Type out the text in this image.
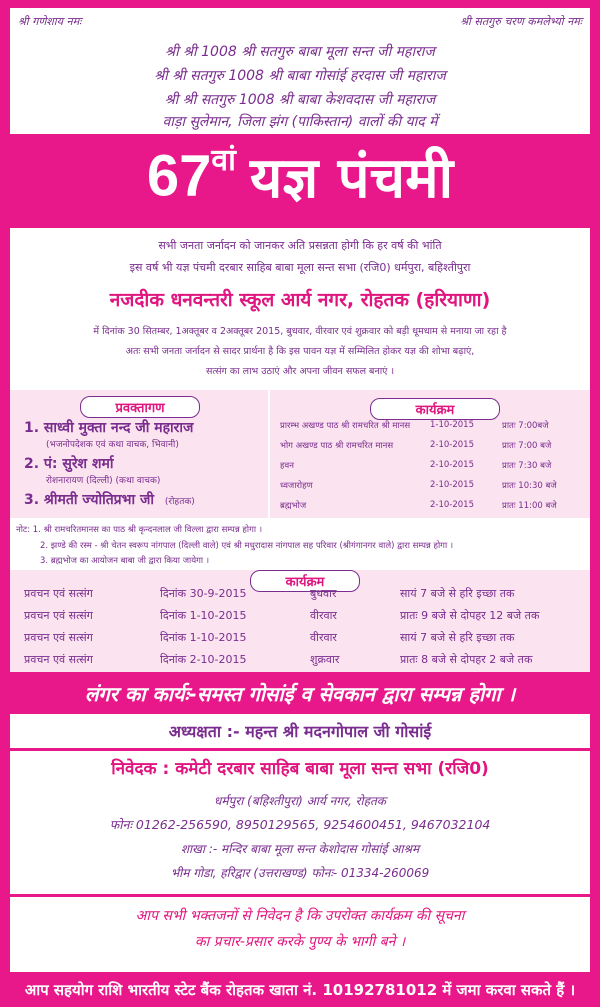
श्री गणेशाय नमः	श्री सतगुरु चरण कमलेभ्यो नमः
श्री श्री 1008 श्री सतगुरु बाबा मूला सन्त जी महाराज
श्री श्री सतगुरु 1008 श्री बाबा गोसांई हरदास जी महाराज
श्री श्री सतगुरु 1008 श्री बाबा केशवदास जी महाराज
वाड़ा सुलेमान, जिला झंग (पाकिस्तान) वालों की याद में
67वां यज्ञ पंचमी
सभी जनता जर्नादन को जानकर अति प्रसन्नता होगी कि हर वर्ष की भांति
इस वर्ष भी यज्ञ पंचमी दरबार साहिब बाबा मूला सन्त सभा (रजि0) धर्मपुरा, बहिश्तीपुरा
नजदीक धनवन्तरी स्कूल आर्य नगर, रोहतक (हरियाणा)
में दिनांक 30 सितम्बर, 1अक्तूबर व 2अक्तूबर 2015, बुधवार, वीरवार एवं शुक्रवार को बड़ी धूमधाम से मनाया जा रहा है
अतः सभी जनता जर्नादन से सादर प्रार्थना है कि इस पावन यज्ञ में सम्मिलित होकर यज्ञ की शोभा बढ़ाएं,
सत्संग का लाभ उठाएं और अपना जीवन सफल बनाएं ।
प्रवक्तागण
1. साध्वी मुक्ता नन्द जी महाराज
(भजनोपदेशक एवं कथा वाचक, भिवानी)
2. पं: सुरेश शर्मा
रोशनारायण (दिल्ली) (कथा वाचक)
3. श्रीमती ज्योतिप्रभा जी (रोहतक)
कार्यक्रम
प्रारम्भ अखण्ड पाठ श्री रामचरित श्री मानस 1-10-2015	प्रातः 7:00बजे
भोग अखण्ड पाठ श्री रामचरित मानस	2-10-2015	प्रातः 7:00 बजे
हवन	2-10-2015	प्रातः 7:30 बजे
ध्वजारोहण	2-10-2015	प्रातः 10:30 बजे
ब्रह्मभोज	2-10-2015	प्रातः 11:00 बजे
नोट: 1. श्री रामचरितमानस का पाठ श्री कृन्दनलाल जी विल्ला द्वारा सम्पन्न होगा ।
2. झण्डे की रस्म - श्री चेतन स्वरूप नांगपाल (दिल्ली वाले) एवं श्री मधुरादास नांगपाल सह परिवार (श्रीगंगानगर वाले) द्वारा सम्पन्न होगा ।
3. ब्रह्मभोज का आयोजन बाबा जी द्वारा किया जायेगा ।
कार्यक्रम
प्रवचन एवं सत्संग	दिनांक 30-9-2015	बुधवार	सायं 7 बजे से हरि इच्छा तक
प्रवचन एवं सत्संग	दिनांक 1-10-2015	वीरवार	प्रातः 9 बजे से दोपहर 12 बजे तक
प्रवचन एवं सत्संग	दिनांक 1-10-2015	वीरवार	सायं 7 बजे से हरि इच्छा तक
प्रवचन एवं सत्संग	दिनांक 2-10-2015	शुक्रवार	प्रातः 8 बजे से दोपहर 2 बजे तक
लंगर का कार्यः-समस्त गोसांई व सेवकान द्वारा सम्पन्न होगा ।
अध्यक्षता :- महन्त श्री मदनगोपाल जी गोसांई
निवेदक : कमेटी दरबार साहिब बाबा मूला सन्त सभा (रजि0)
धर्मपुरा (बहिश्तीपुरा) आर्य नगर, रोहतक
फोनः 01262-256590, 8950129565, 9254600451, 9467032104
शाखा :- मन्दिर बाबा मूला सन्त केशोदास गोसांई आश्रम
भीम गोडा, हरिद्वार (उत्तराखण्ड) फोनः- 01334-260069
आप सभी भक्तजनों से निवेदन है कि उपरोक्त कार्यक्रम की सूचना
का प्रचार-प्रसार करके पुण्य के भागी बने ।
आप सहयोग राशि भारतीय स्टेट बैंक रोहतक खाता नं. 10192781012 में जमा करवा सकते हैं ।
